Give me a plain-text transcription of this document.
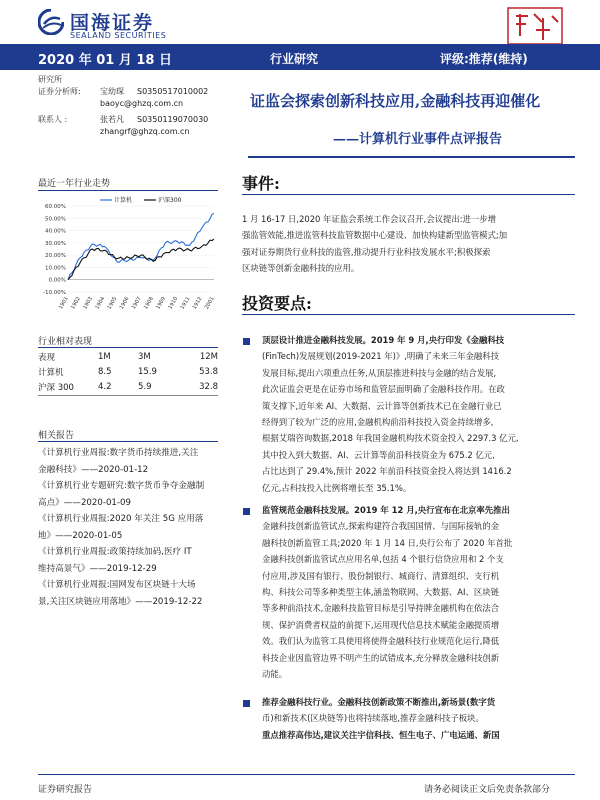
国海证券
SEALAND SECURITIES
2020 年 01 月 18 日	行业研究	评级:推荐(维持)
研究所
证券分析师: 宝幼琛 S0350517010002
baoyc@ghzq.com.cn
联系人 :	张若凡 S0350119070030
zhangrf@ghzq.com.cn
证监会探索创新科技应用,金融科技再迎催化
——计算机行业事件点评报告
最近一年行业走势
60.00%
50.00%
40.00%
30.00%
20.00%
10.00%
0.00%
-10.00%
1901 1902 1903 1904 1905 1906 1907 1908 1909 1910 1911 1912 2001
计算机	沪深300
行业相对表现
表现	1M	3M	12M
计算机	8.5	15.9	53.8
沪深 300	4.2	5.9	32.8
相关报告
《计算机行业周报:数字货币持续推进,关注
金融科技》——2020-01-12
《计算机行业专题研究:数字货币争夺金融制
高点》——2020-01-09
《计算机行业周报:2020 年关注 5G 应用落
地》——2020-01-05
《计算机行业周报:政策持续加码,医疗 IT
维持高景气》——2019-12-29
《计算机行业周报:国网发布区块链十大场
景,关注区块链应用落地》——2019-12-22
事件:
1 月 16-17 日,2020 年证监会系统工作会议召开,会议提出:进一步增
强监管效能,推进监管科技监管数据中心建设、加快构建新型监管模式;加
强对证券期货行业科技的监管,推动提升行业科技发展水平;积极探索
区块链等创新金融科技的应用。
投资要点:
顶层设计推进金融科技发展。2019 年 9 月,央行印发《金融科技
(FinTech)发展规划(2019-2021 年)》,明确了未来三年金融科技
发展目标,提出六项重点任务,从顶层推进科技与金融的结合发展,
此次证监会更是在证券市场和监管层面明确了金融科技作用。在政
策支撑下,近年来 AI、大数据、云计算等创新技术已在金融行业已
经得到了较为广泛的应用,金融机构前沿科技投入资金持续增多,
根据艾瑞咨询数据,2018 年我国金融机构技术资金投入 2297.3 亿元,
其中投入到大数据、AI、云计算等前沿科技资金为 675.2 亿元,
占比达到了 29.4%,预计 2022 年前沿科技资金投入将达到 1416.2
亿元,占科技投入比例将增长至 35.1%。
监管规范金融科技发展。2019 年 12 月,央行宣布在北京率先推出
金融科技创新监管试点,探索构建符合我国国情、与国际接轨的金
融科技创新监管工具;2020 年 1 月 14 日,央行公布了 2020 年首批
金融科技创新监管试点应用名单,包括 4 个银行信贷应用和 2 个支
付应用,涉及国有银行、股份制银行、城商行、清算组织、支行机
构、科技公司等多种类型主体,涵盖物联网、大数据、AI、区块链
等多种前沿技术,金融科技监管目标是引导持牌金融机构在依法合
规、保护消费者权益的前提下,运用现代信息技术赋能金融提质增
效。我们认为监管工具使用将使得金融科技行业规范化运行,降低
科技企业因监管边界不明产生的试错成本,充分释放金融科技创新
动能。
推荐金融科技行业。金融科技创新政策不断推出,新场景(数字货
币)和新技术(区块链等)也将持续落地,推荐金融科技子板块。
重点推荐高伟达,建议关注宇信科技、恒生电子、广电运通、新国
证券研究报告	请务必阅读正文后免责条款部分
